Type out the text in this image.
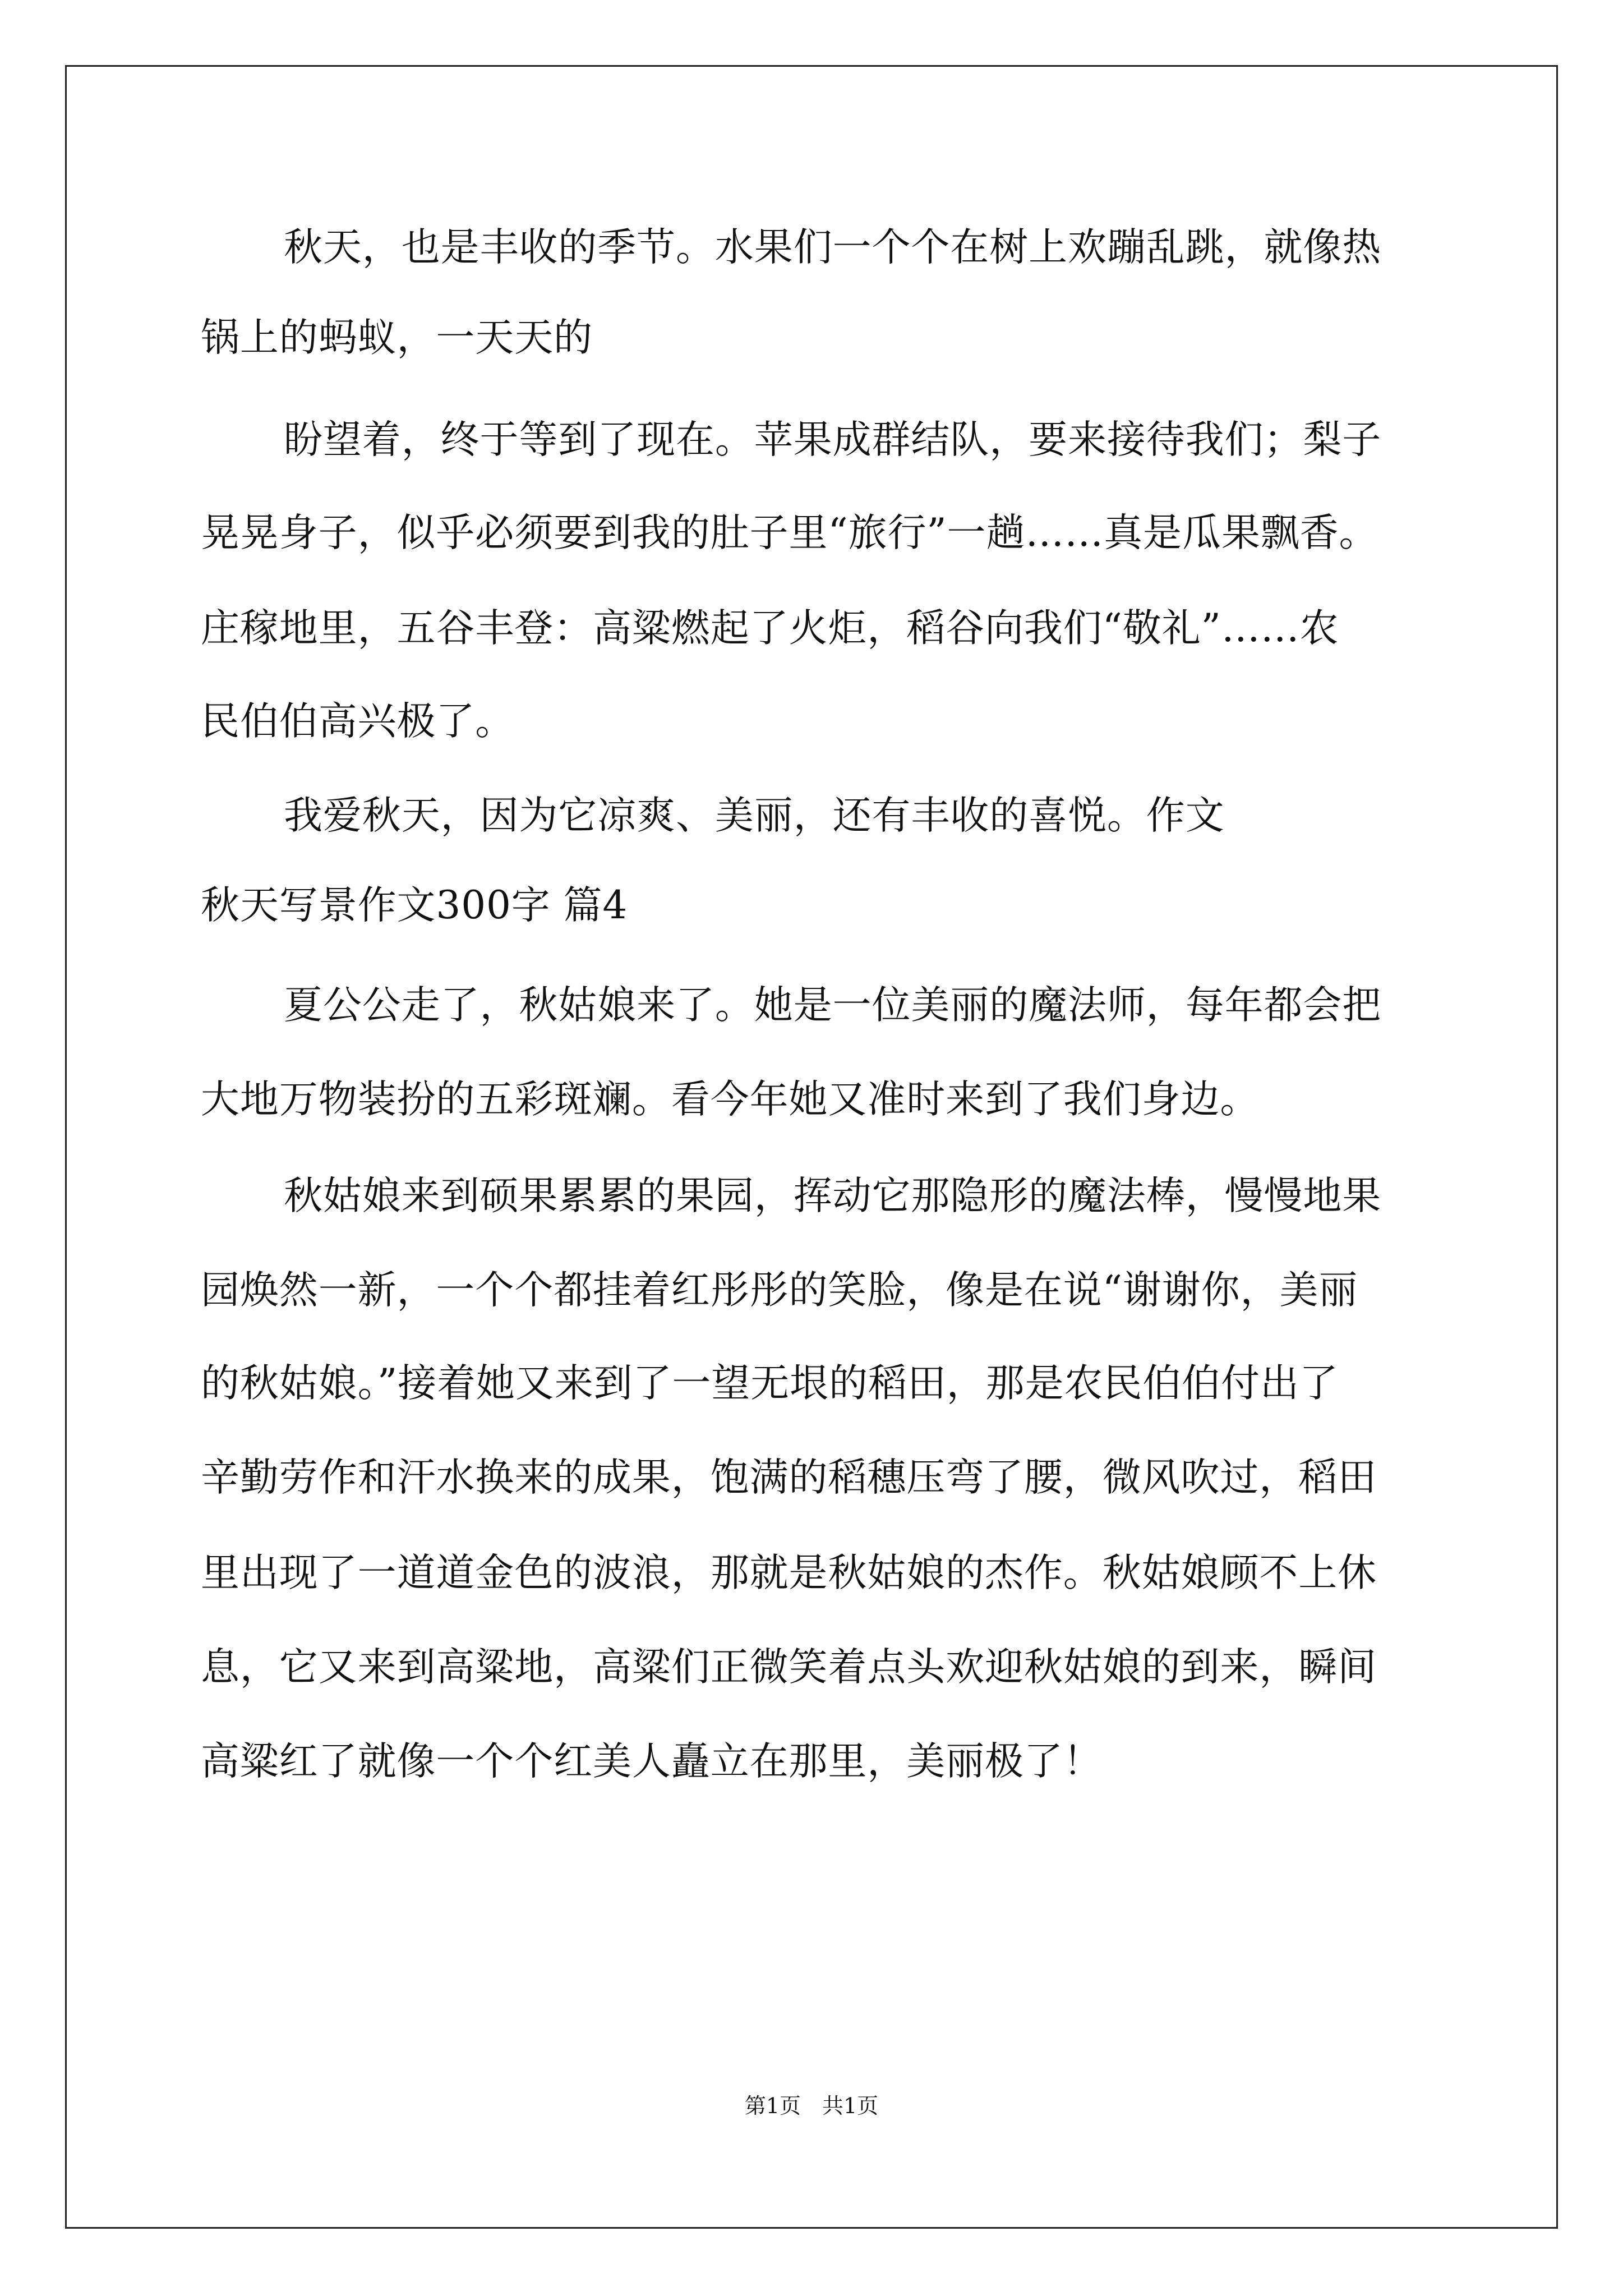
秋天，也是丰收的季节。水果们一个个在树上欢蹦乱跳，就像热
锅上的蚂蚁，一天天的
盼望着，终于等到了现在。苹果成群结队，要来接待我们；梨子
晃晃身子，似乎必须要到我的肚子里“旅行”一趟……真是瓜果飘香。
庄稼地里，五谷丰登：高粱燃起了火炬，稻谷向我们“敬礼”……农
民伯伯高兴极了。
我爱秋天，因为它凉爽、美丽，还有丰收的喜悦。作文
秋天写景作文300字 篇4
夏公公走了，秋姑娘来了。她是一位美丽的魔法师，每年都会把
大地万物装扮的五彩斑斓。看今年她又准时来到了我们身边。
秋姑娘来到硕果累累的果园，挥动它那隐形的魔法棒，慢慢地果
园焕然一新，一个个都挂着红彤彤的笑脸，像是在说“谢谢你，美丽
的秋姑娘。”接着她又来到了一望无垠的稻田，那是农民伯伯付出了
辛勤劳作和汗水换来的成果，饱满的稻穗压弯了腰，微风吹过，稻田
里出现了一道道金色的波浪，那就是秋姑娘的杰作。秋姑娘顾不上休
息，它又来到高粱地，高粱们正微笑着点头欢迎秋姑娘的到来，瞬间
高粱红了就像一个个红美人矗立在那里，美丽极了！
第1页　共1页
